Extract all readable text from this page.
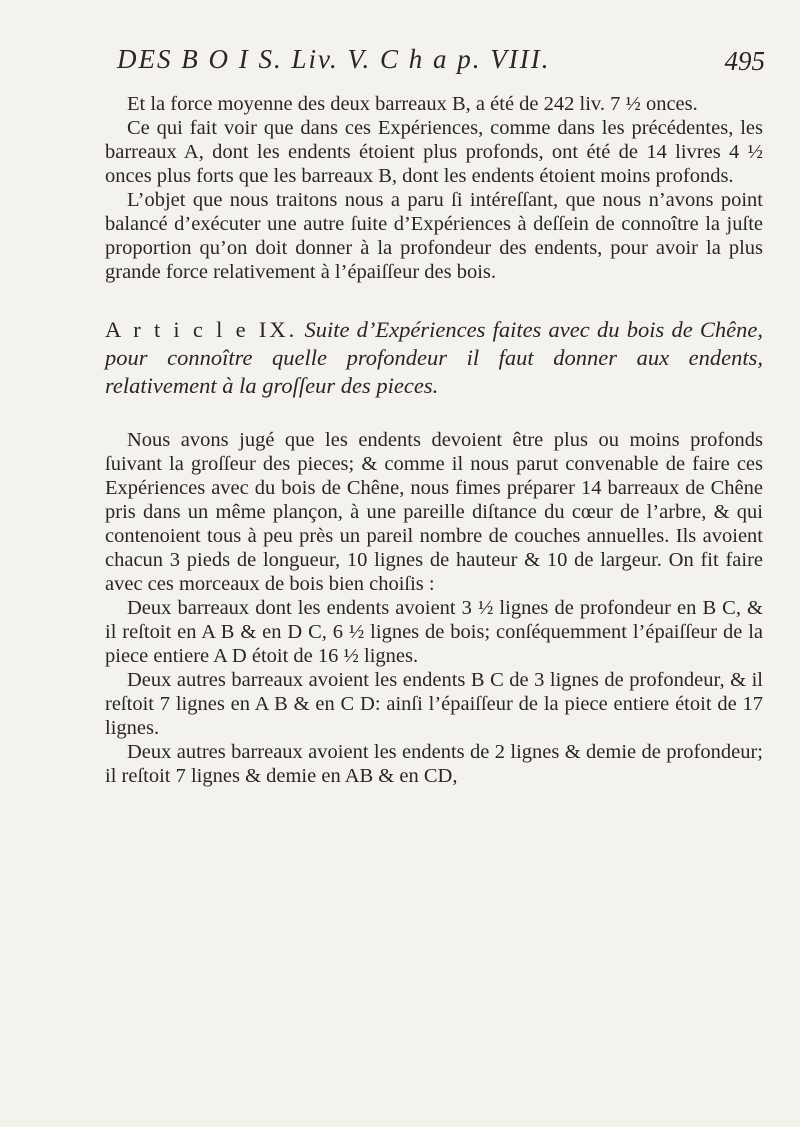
DES B O I S. Liv. V. C h a p. VIII.	495

Et la force moyenne des deux barreaux B, a été de 242 liv. 7 ½ onces.

Ce qui fait voir que dans ces Expériences, comme dans les précédentes, les barreaux A, dont les endents étoient plus profonds, ont été de 14 livres 4 ½ onces plus forts que les barreaux B, dont les endents étoient moins profonds.

L’objet que nous traitons nous a paru ſi intéreſſant, que nous n’avons point balancé d’exécuter une autre ſuite d’Expériences à deſſein de connoître la juſte proportion qu’on doit donner à la profondeur des endents, pour avoir la plus grande force relativement à l’épaiſſeur des bois.

A r t i c l e IX. Suite d’Expériences faites avec du bois de Chêne, pour connoître quelle profondeur il faut donner aux endents, relativement à la groſſeur des pieces.

Nous avons jugé que les endents devoient être plus ou moins profonds ſuivant la groſſeur des pieces; & comme il nous parut convenable de faire ces Expériences avec du bois de Chêne, nous fimes préparer 14 barreaux de Chêne pris dans un même plançon, à une pareille diſtance du cœur de l’arbre, & qui contenoient tous à peu près un pareil nombre de couches annuelles. Ils avoient chacun 3 pieds de longueur, 10 lignes de hauteur & 10 de largeur. On fit faire avec ces morceaux de bois bien choiſis :

Deux barreaux dont les endents avoient 3 ½ lignes de profondeur en B C, & il reſtoit en A B & en D C, 6 ½ lignes de bois; conſéquemment l’épaiſſeur de la piece entiere A D étoit de 16 ½ lignes.

Deux autres barreaux avoient les endents B C de 3 lignes de profondeur, & il reſtoit 7 lignes en A B & en C D: ainſi l’épaiſſeur de la piece entiere étoit de 17 lignes.

Deux autres barreaux avoient les endents de 2 lignes & demie de profondeur; il reſtoit 7 lignes & demie en AB & en CD,
